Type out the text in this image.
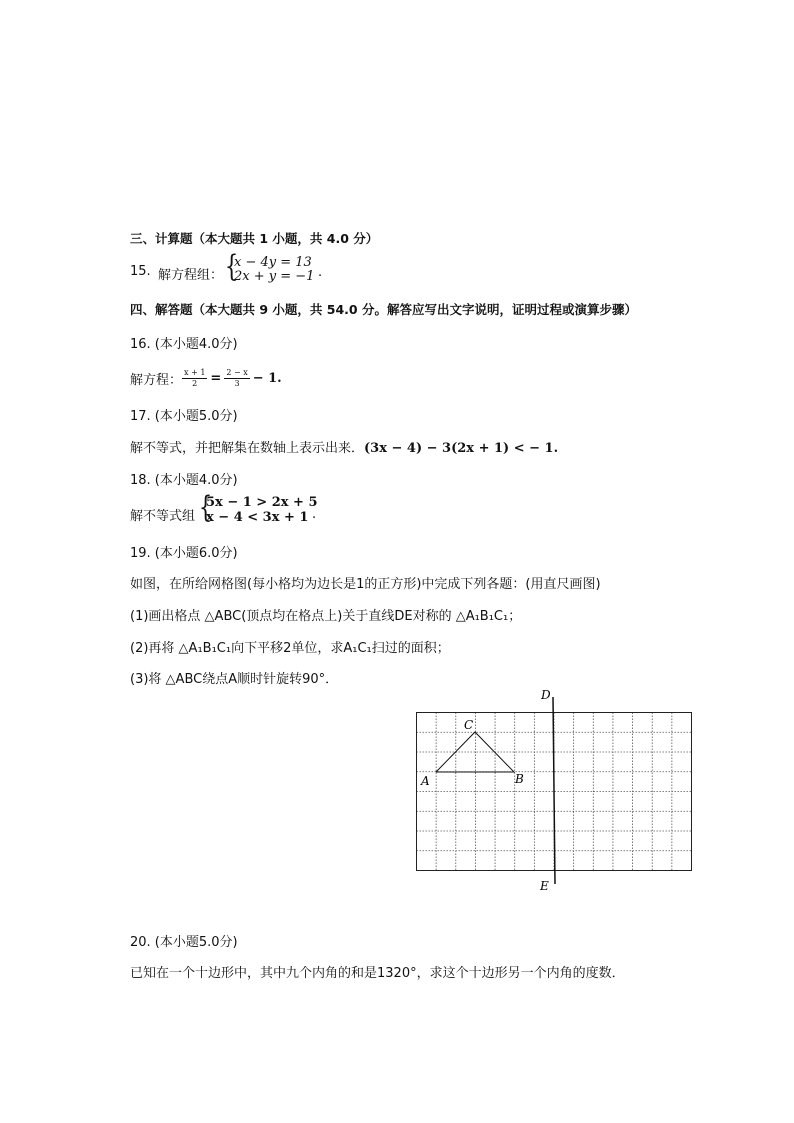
三、计算题（本大题共 1 小题，共 4.0 分）
15. 解方程组： {
x − 4y = 13
2x + y = −1 ·
四、解答题（本大题共 9 小题，共 54.0 分。解答应写出文字说明，证明过程或演算步骤）
16. (本小题4.0分)
解方程： $\frac{x + 1}{2} = \frac{2 - x}{3} - 1$.
17. (本小题5.0分)
解不等式，并把解集在数轴上表示出来．(3x − 4) − 3(2x + 1) < − 1.
18. (本小题4.0分)
解不等式组 {
5x − 1 > 2x + 5
x − 4 < 3x + 1 .
19. (本小题6.0分)
如图，在所给网格图(每小格均为边长是1的正方形)中完成下列各题：(用直尺画图)
(1)画出格点 △ABC(顶点均在格点上)关于直线DE对称的 △A₁B₁C₁；
(2)再将 △A₁B₁C₁向下平移2单位，求A₁C₁扫过的面积；
(3)将 △ABC绕点A顺时针旋转90°．
D
C
A	B
E
20. (本小题5.0分)
已知在一个十边形中，其中九个内角的和是1320°，求这个十边形另一个内角的度数．
